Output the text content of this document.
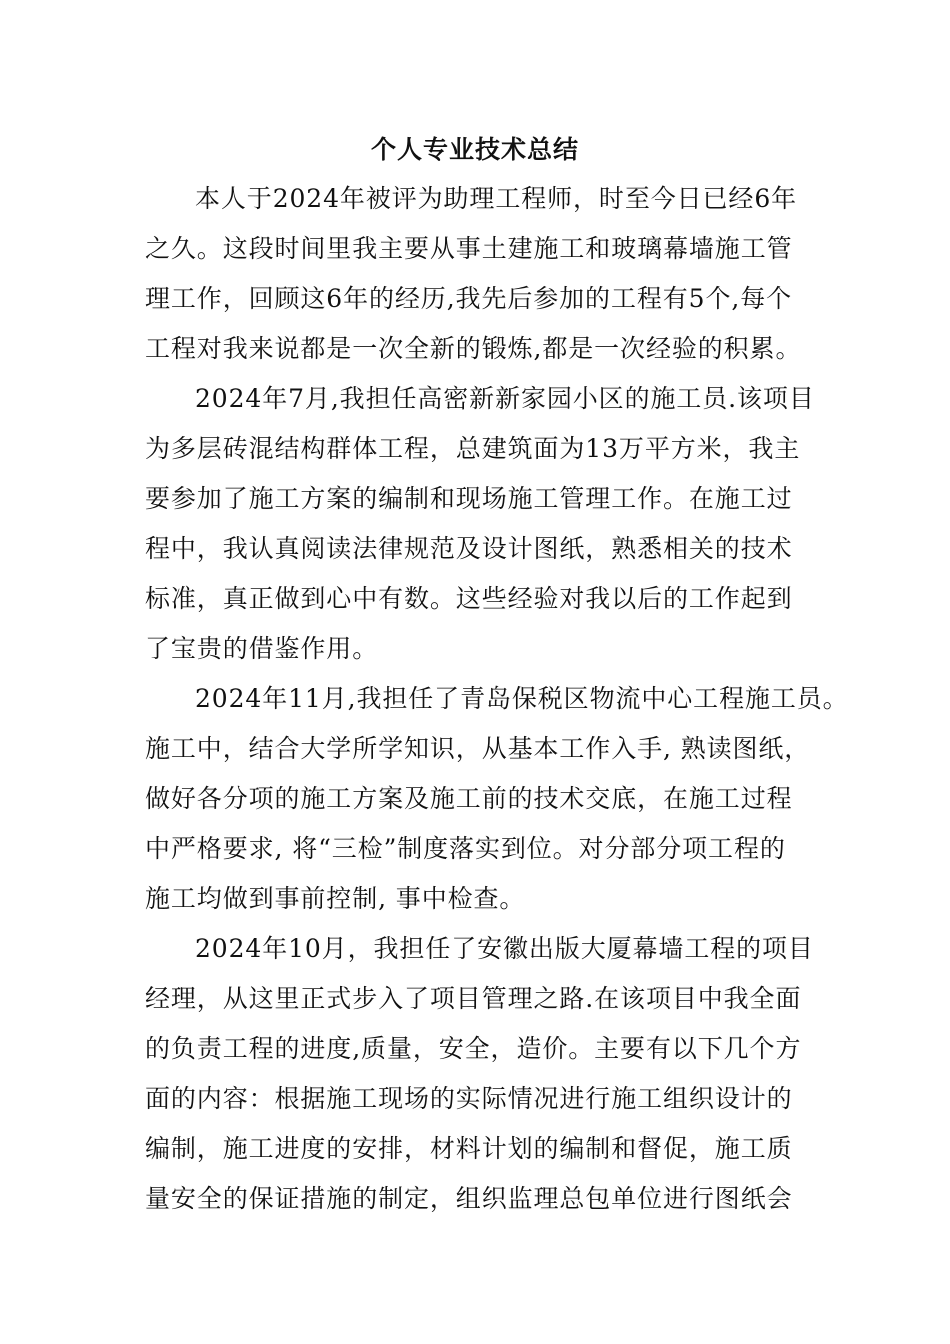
个人专业技术总结
本人于2024年被评为助理工程师，时至今日已经6年
之久。这段时间里我主要从事土建施工和玻璃幕墙施工管
理工作，回顾这6年的经历,我先后参加的工程有5个,每个
工程对我来说都是一次全新的锻炼,都是一次经验的积累。
2024年7月,我担任高密新新家园小区的施工员.该项目
为多层砖混结构群体工程，总建筑面为13万平方米，我主
要参加了施工方案的编制和现场施工管理工作。在施工过
程中，我认真阅读法律规范及设计图纸，熟悉相关的技术
标准，真正做到心中有数。这些经验对我以后的工作起到
了宝贵的借鉴作用。
2024年11月,我担任了青岛保税区物流中心工程施工员。
施工中，结合大学所学知识，从基本工作入手, 熟读图纸，
做好各分项的施工方案及施工前的技术交底，在施工过程
中严格要求, 将“三检”制度落实到位。对分部分项工程的
施工均做到事前控制, 事中检查。
2024年10月，我担任了安徽出版大厦幕墙工程的项目
经理，从这里正式步入了项目管理之路.在该项目中我全面
的负责工程的进度,质量，安全，造价。主要有以下几个方
面的内容：根据施工现场的实际情况进行施工组织设计的
编制，施工进度的安排，材料计划的编制和督促，施工质
量安全的保证措施的制定，组织监理总包单位进行图纸会
